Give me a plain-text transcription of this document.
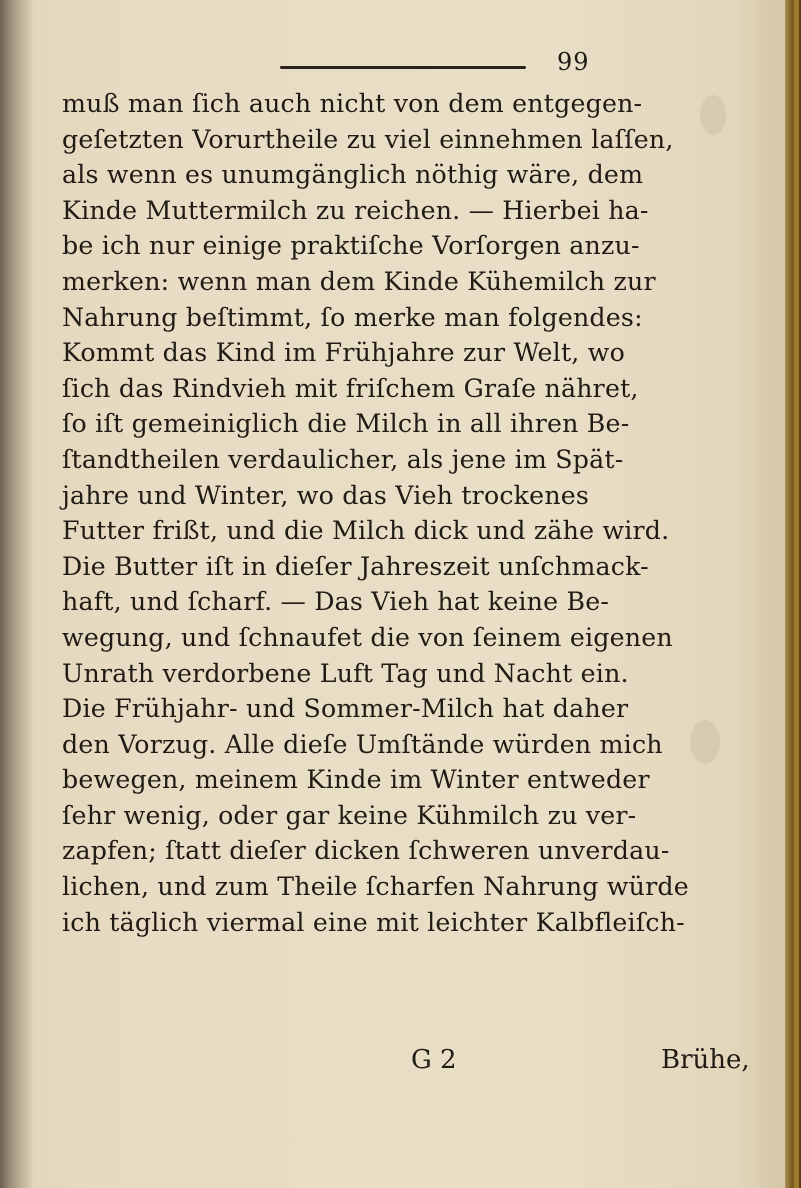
99
muß man ſich auch nicht von dem entgegen-
geſetzten Vorurtheile zu viel einnehmen laſſen,
als wenn es unumgänglich nöthig wäre, dem
Kinde Muttermilch zu reichen. — Hierbei ha-
be ich nur einige praktiſche Vorſorgen anzu-
merken: wenn man dem Kinde Kühemilch zur
Nahrung beſtimmt, ſo merke man folgendes:
Kommt das Kind im Frühjahre zur Welt, wo
ſich das Rindvieh mit friſchem Graſe nähret,
ſo iſt gemeiniglich die Milch in all ihren Be-
ſtandtheilen verdaulicher, als jene im Spät-
jahre und Winter, wo das Vieh trockenes
Futter frißt, und die Milch dick und zähe wird.
Die Butter iſt in dieſer Jahreszeit unſchmack-
haft, und ſcharf. — Das Vieh hat keine Be-
wegung, und ſchnaufet die von ſeinem eigenen
Unrath verdorbene Luft Tag und Nacht ein.
Die Frühjahr- und Sommer-Milch hat daher
den Vorzug. Alle dieſe Umſtände würden mich
bewegen, meinem Kinde im Winter entweder
ſehr wenig, oder gar keine Kühmilch zu ver-
zapfen; ſtatt dieſer dicken ſchweren unverdau-
lichen, und zum Theile ſcharfen Nahrung würde
ich täglich viermal eine mit leichter Kalbfleiſch-
G 2	Brühe,
